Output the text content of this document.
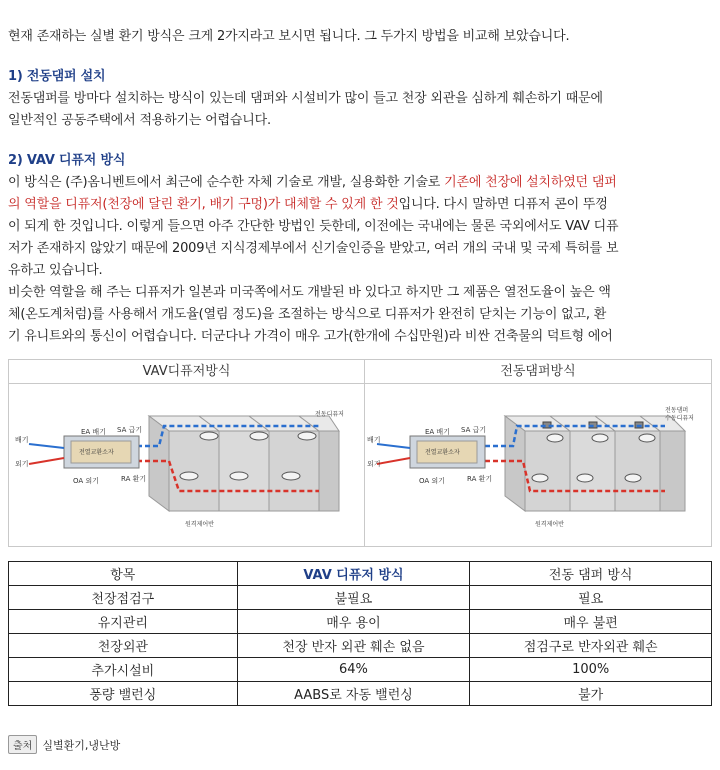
현재 존재하는 실별 환기 방식은 크게 2가지라고 보시면 됩니다. 그 두가지 방법을 비교해 보았습니다.
1) 전동댐퍼 설치
전동댐퍼를 방마다 설치하는 방식이 있는데 댐퍼와 시설비가 많이 들고 천장 외관을 심하게 훼손하기 때문에
일반적인 공동주택에서 적용하기는 어렵습니다.
2) VAV 디퓨저 방식
이 방식은 (주)옴니벤트에서 최근에 순수한 자체 기술로 개발, 실용화한 기술로 기존에 천장에 설치하였던 댐퍼
의 역할을 디퓨저(천장에 달린 환기, 배기 구멍)가 대체할 수 있게 한 것입니다. 다시 말하면 디퓨저 콘이 뚜껑
이 되게 한 것입니다. 이렇게 들으면 아주 간단한 방법인 듯한데, 이전에는 국내에는 물론 국외에서도 VAV 디퓨
저가 존재하지 않았기 때문에 2009년 지식경제부에서 신기술인증을 받았고, 여러 개의 국내 및 국제 특허를 보
유하고 있습니다.
비슷한 역할을 해 주는 디퓨저가 일본과 미국쪽에서도 개발된 바 있다고 하지만 그 제품은 열전도율이 높은 액
체(온도계처럼)를 사용해서 개도율(열림 정도)을 조절하는 방식으로 디퓨저가 완전히 닫치는 기능이 없고, 환
기 유니트와의 통신이 어렵습니다. 더군다나 가격이 매우 고가(한개에 수십만원)라 비싼 건축물의 덕트형 에어
VAV디퓨저방식
EA 배기 SA 급기
배기
외기
OA 외기	RA 환기
전열교환소자
전동디퓨저
원격제어반
전동댐퍼방식
EA 배기 SA 급기
배기
외기
OA 외기	RA 환기
전열교환소자
전동댐퍼
수동디퓨저
원격제어반
항목	VAV 디퓨저 방식	전동 댐퍼 방식
천장점검구	불필요	필요
유지관리	매우 용이	매우 불편
천장외관	천장 반자 외관 훼손 없음	점검구로 반자외관 훼손
추가시설비	64%	100%
풍량 밸런싱	AABS로 자동 밸런싱	불가
출처 실별환기,냉난방
